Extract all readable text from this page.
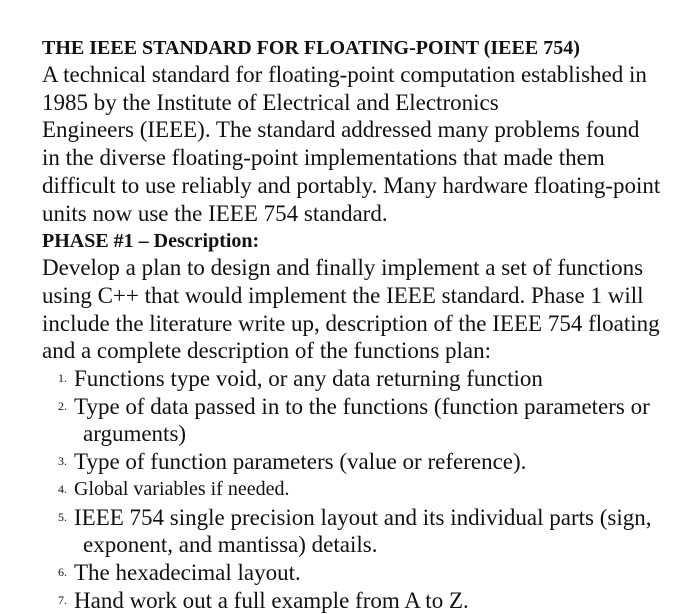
THE IEEE STANDARD FOR FLOATING-POINT (IEEE 754)
A technical standard for floating-point computation established in
1985 by the Institute of Electrical and Electronics
Engineers (IEEE). The standard addressed many problems found
in the diverse floating-point implementations that made them
difficult to use reliably and portably. Many hardware floating-point
units now use the IEEE 754 standard.
PHASE #1 – Description:
Develop a plan to design and finally implement a set of functions
using C++ that would implement the IEEE standard. Phase 1 will
include the literature write up, description of the IEEE 754 floating
and a complete description of the functions plan:
1. Functions type void, or any data returning function
2. Type of data passed in to the functions (function parameters or
arguments)
3. Type of function parameters (value or reference).
4. Global variables if needed.
5. IEEE 754 single precision layout and its individual parts (sign,
exponent, and mantissa) details.
6. The hexadecimal layout.
7. Hand work out a full example from A to Z.
